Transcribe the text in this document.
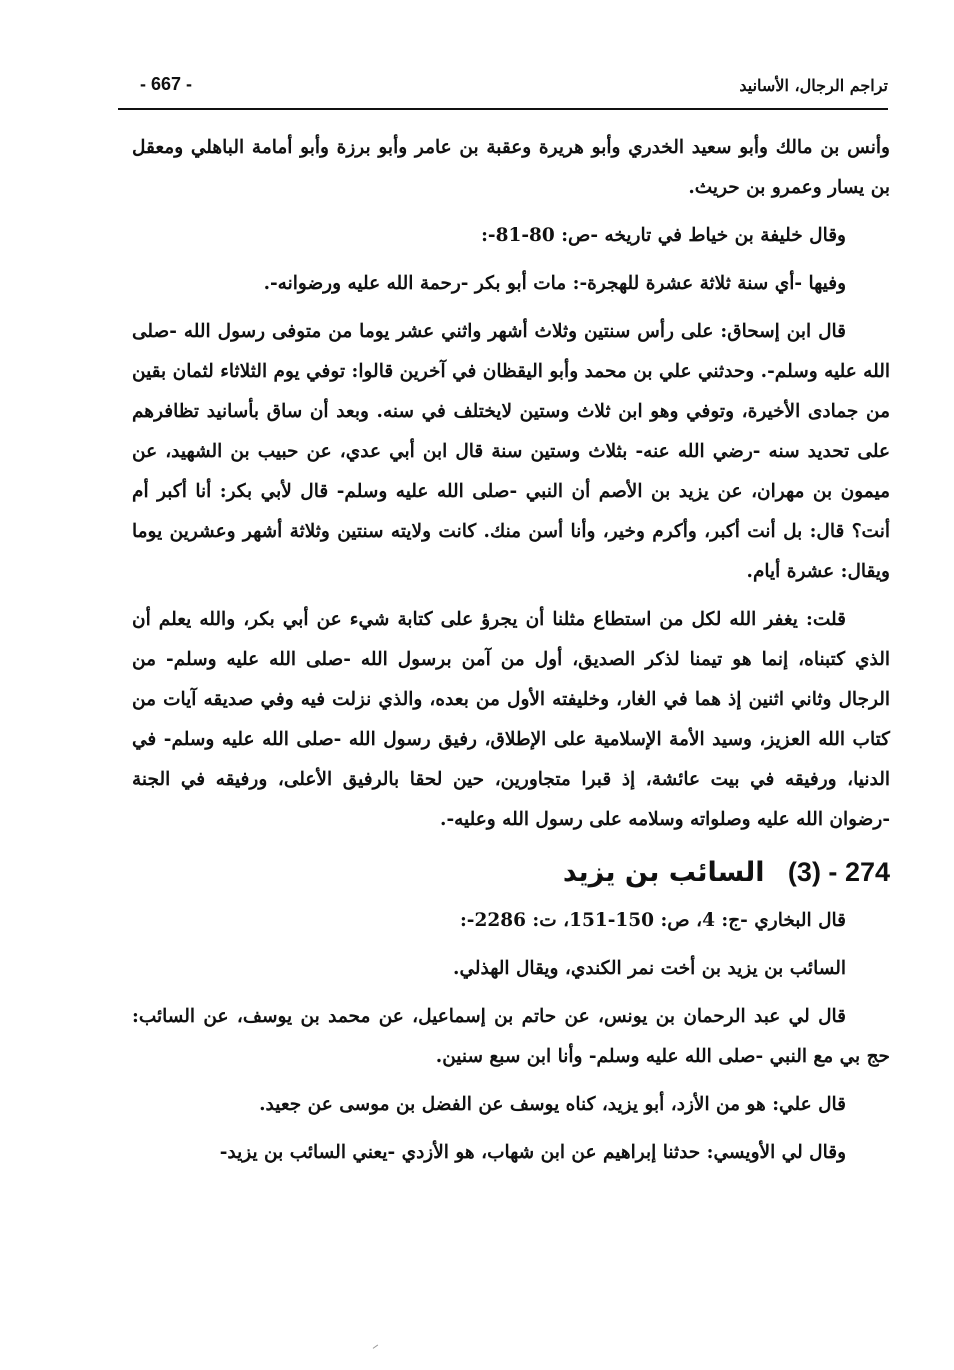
تراجم الرجال، الأسانيد
- 667 -

وأنس بن مالك وأبو سعيد الخدري وأبو هريرة وعقبة بن عامر وأبو برزة وأبو أمامة الباهلي ومعقل بن يسار وعمرو بن حريث.

وقال خليفة بن خياط في تاريخه -ص: 80-81-:

وفيها -أي سنة ثلاثة عشرة للهجرة-: مات أبو بكر -رحمة الله عليه ورضوانه-.

قال ابن إسحاق: على رأس سنتين وثلاث أشهر واثني عشر يوما من متوفى رسول الله -صلى الله عليه وسلم-. وحدثني علي بن محمد وأبو اليقظان في آخرين قالوا: توفي يوم الثلاثاء لثمان بقين من جمادى الأخيرة، وتوفي وهو ابن ثلاث وستين لايختلف في سنه. وبعد أن ساق بأسانيد تظافرهم على تحديد سنه -رضي الله عنه- بثلاث وستين سنة قال ابن أبي عدي، عن حبيب بن الشهيد، عن ميمون بن مهران، عن يزيد بن الأصم أن النبي -صلى الله عليه وسلم- قال لأبي بكر: أنا أكبر أم أنت؟ قال: بل أنت أكبر، وأكرم وخير، وأنا أسن منك. كانت ولايته سنتين وثلاثة أشهر وعشرين يوما ويقال: عشرة أيام.

قلت: يغفر الله لكل من استطاع مثلنا أن يجرؤ على كتابة شيء عن أبي بكر، والله يعلم أن الذي كتبناه، إنما هو تيمنا لذكر الصديق، أول من آمن برسول الله -صلى الله عليه وسلم- من الرجال وثاني اثنين إذ هما في الغار، وخليفته الأول من بعده، والذي نزلت فيه وفي صديقه آيات من كتاب الله العزيز، وسيد الأمة الإسلامية على الإطلاق، رفيق رسول الله -صلى الله عليه وسلم- في الدنيا، ورفيقه في بيت عائشة، إذ قبرا متجاورين، حين لحقا بالرفيق الأعلى، ورفيقه في الجنة -رضوان الله عليه وصلواته وسلامه على رسول الله وعليه-.

274 - (3) السائب بن يزيد

قال البخاري -ج: 4، ص: 150-151، ت: 2286-:

السائب بن يزيد بن أخت نمر الكندي، ويقال الهذلي.

قال لي عبد الرحمان بن يونس، عن حاتم بن إسماعيل، عن محمد بن يوسف، عن السائب: حج بي مع النبي -صلى الله عليه وسلم- وأنا ابن سبع سنين.

قال علي: هو من الأزد، أبو يزيد، كناه يوسف عن الفضل بن موسى عن جعيد.

وقال لي الأويسي: حدثنا إبراهيم عن ابن شهاب، هو الأزدي -يعني السائب بن يزيد-
